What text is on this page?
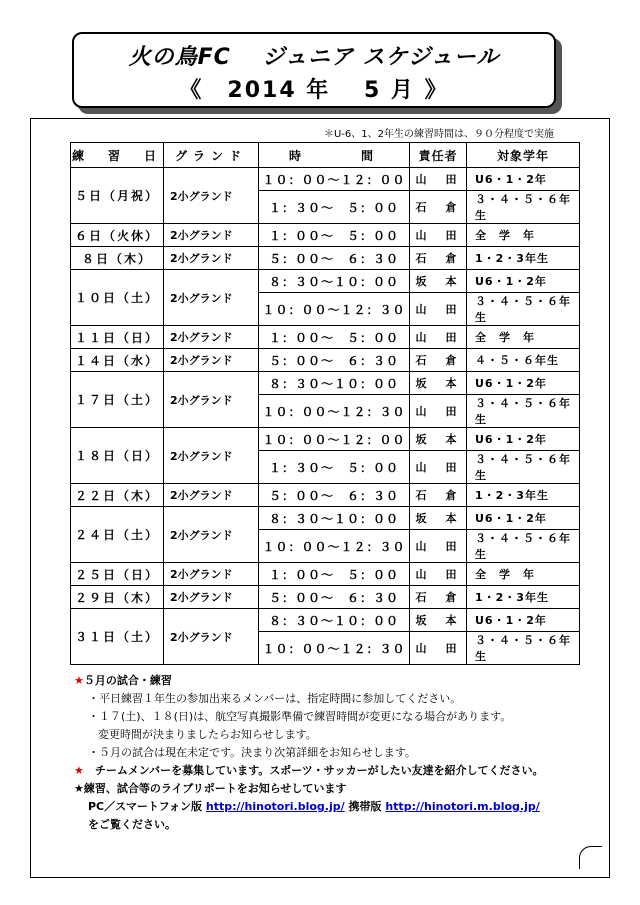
火の鳥FC　 ジュニア スケジュール
《　2014 年　 5 月 》
＊U-6、1、2年生の練習時間は、９０分程度で実施
練　習　日	グランド	時　　　間	責任者	対象学年
５日（月祝）	2小グランド	１０：００～１２：００	山　田	U6・1・2年
		１：３０～　５：００	石　倉	３・４・５・６年生
６日（火休）	2小グランド	１：００～　５：００	山　田	全　学　年
８日（木）	2小グランド	５：００～　６：３０	石　倉	1・2・3年生
１０日（土）	2小グランド	８：３０～１０：００	坂　本	U6・1・2年
		１０：００～１２：３０	山　田	３・４・５・６年生
１１日（日）	2小グランド	１：００～　５：００	山　田	全　学　年
１４日（水）	2小グランド	５：００～　６：３０	石　倉	４・５・６年生
１７日（土）	2小グランド	８：３０～１０：００	坂　本	U6・1・2年
		１０：００～１２：３０	山　田	３・４・５・６年生
１８日（日）	2小グランド	１０：００～１２：００	坂　本	U6・1・2年
		１：３０～　５：００	山　田	３・４・５・６年生
２２日（木）	2小グランド	５：００～　６：３０	石　倉	1・2・3年生
２４日（土）	2小グランド	８：３０～１０：００	坂　本	U6・1・2年
		１０：００～１２：３０	山　田	３・４・５・６年生
２５日（日）	2小グランド	１：００～　５：００	山　田	全　学　年
２９日（木）	2小グランド	５：００～　６：３０	石　倉	1・2・3年生
３１日（土）	2小グランド	８：３０～１０：００	坂　本	U6・1・2年
		１０：００～１２：３０	山　田	３・４・５・６年生
★５月の試合・練習
・平日練習１年生の参加出来るメンバーは、指定時間に参加してください。
・１７(土)、１８(日)は、航空写真撮影準備で練習時間が変更になる場合があります。
変更時間が決まりましたらお知らせします。
・５月の試合は現在未定です。決まり次第詳細をお知らせします。
★　 チームメンバーを募集しています。スポーツ・サッカーがしたい友達を紹介してください。
★練習、試合等のライブリポートをお知らせしています
PC／スマートフォン版 http://hinotori.blog.jp/ 携帯版 http://hinotori.m.blog.jp/
をご覧ください。
